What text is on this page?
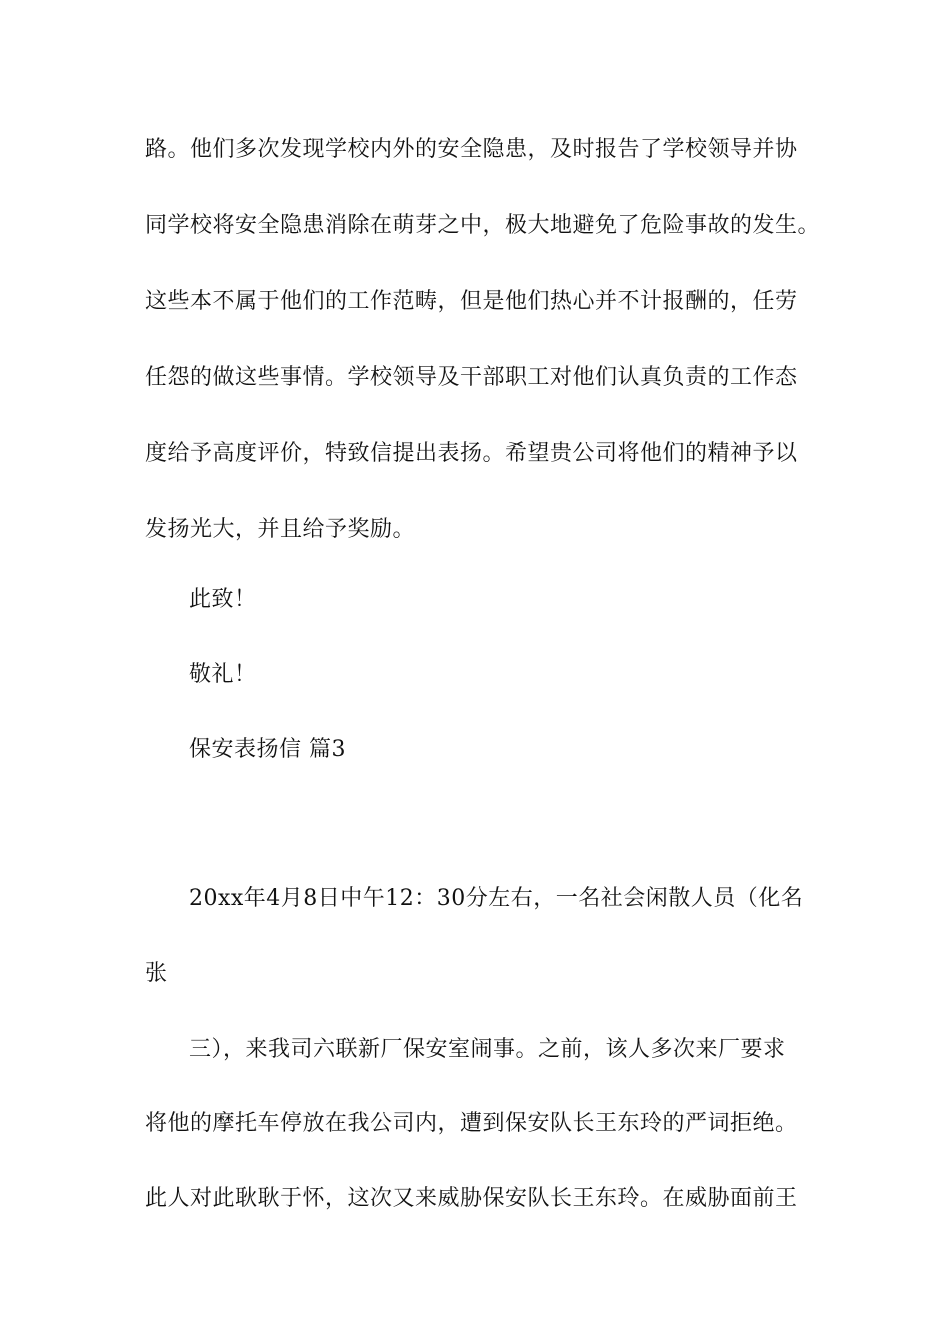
路。他们多次发现学校内外的安全隐患，及时报告了学校领导并协
同学校将安全隐患消除在萌芽之中，极大地避免了危险事故的发生。
这些本不属于他们的工作范畴，但是他们热心并不计报酬的，任劳
任怨的做这些事情。学校领导及干部职工对他们认真负责的工作态
度给予高度评价，特致信提出表扬。希望贵公司将他们的精神予以
发扬光大，并且给予奖励。
此致！
敬礼！
保安表扬信 篇3
20xx年4月8日中午12：30分左右，一名社会闲散人员（化名
张
三），来我司六联新厂保安室闹事。之前，该人多次来厂要求
将他的摩托车停放在我公司内，遭到保安队长王东玲的严词拒绝。
此人对此耿耿于怀，这次又来威胁保安队长王东玲。在威胁面前王
